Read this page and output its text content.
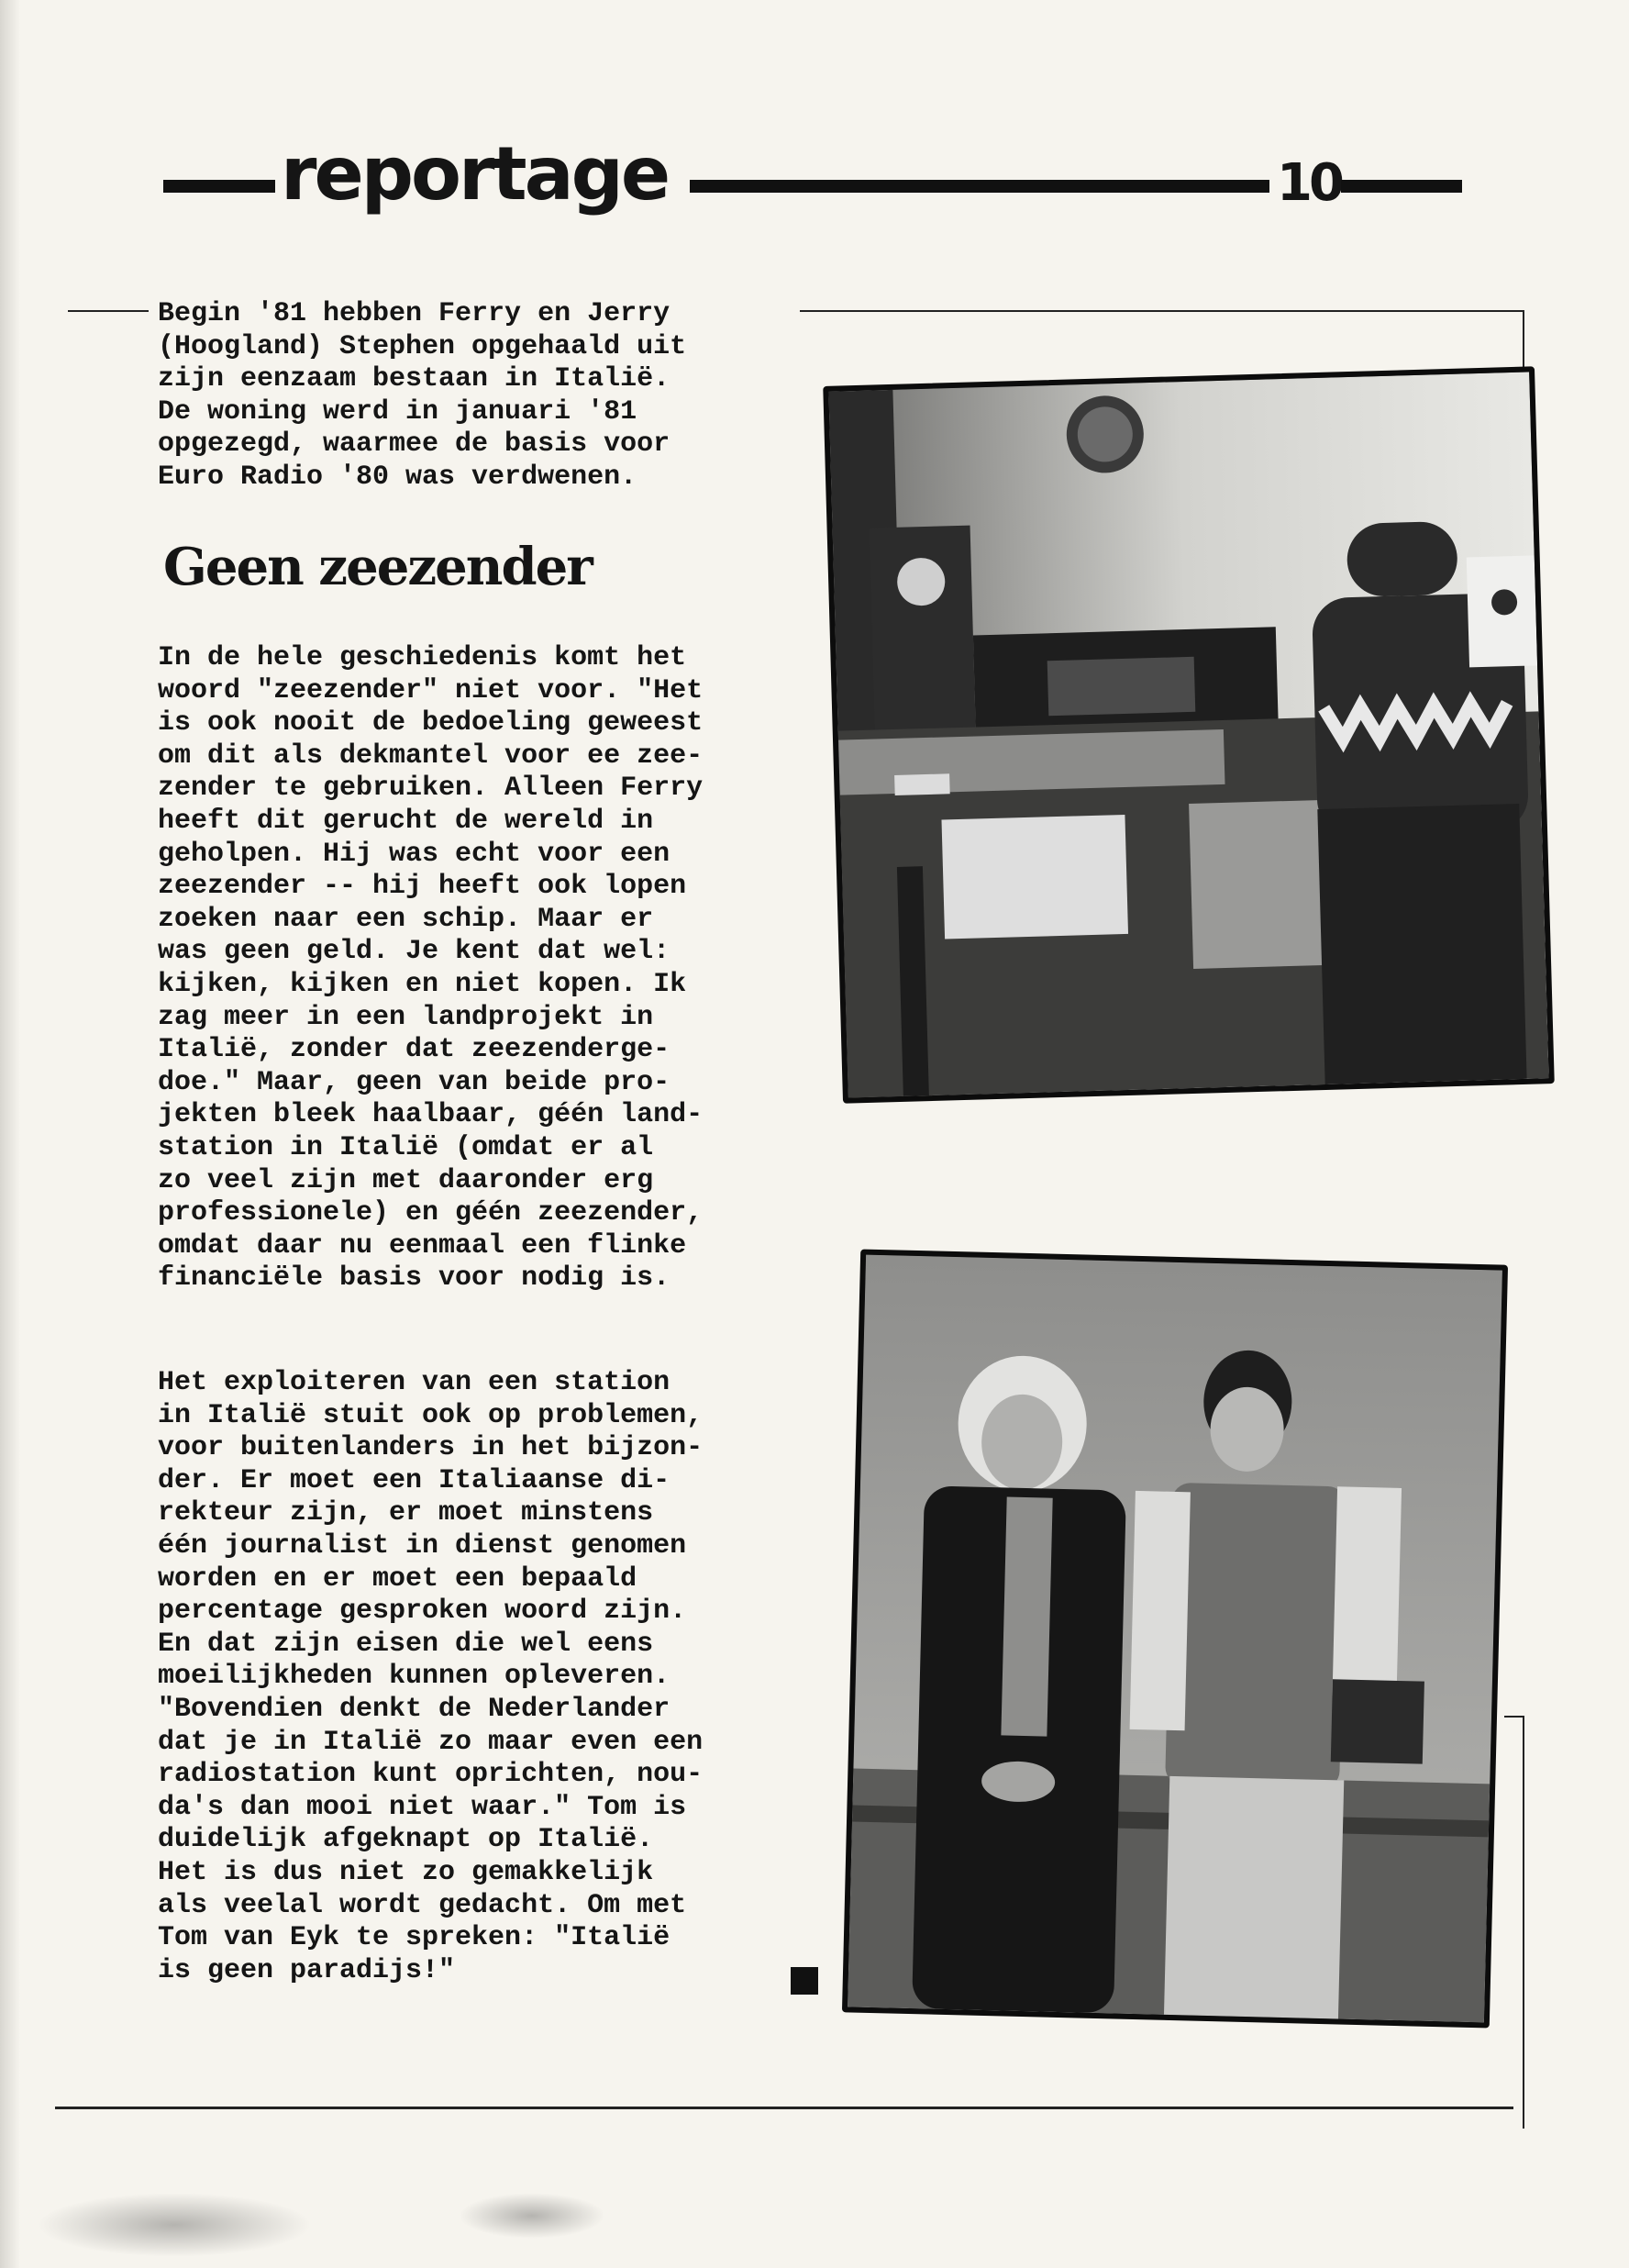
reportage	10
Begin '81 hebben Ferry en Jerry
(Hoogland) Stephen opgehaald uit
zijn eenzaam bestaan in Italië.
De woning werd in januari '81
opgezegd, waarmee de basis voor
Euro Radio '80 was verdwenen.
Geen zeezender
In de hele geschiedenis komt het
woord "zeezender" niet voor. "Het
is ook nooit de bedoeling geweest
om dit als dekmantel voor ee zee-
zender te gebruiken. Alleen Ferry
heeft dit gerucht de wereld in
geholpen. Hij was echt voor een
zeezender -- hij heeft ook lopen
zoeken naar een schip. Maar er
was geen geld. Je kent dat wel:
kijken, kijken en niet kopen. Ik
zag meer in een landprojekt in
Italië, zonder dat zeezenderge-
doe." Maar, geen van beide pro-
jekten bleek haalbaar, géén land-
station in Italië (omdat er al
zo veel zijn met daaronder erg
professionele) en géén zeezender,
omdat daar nu eenmaal een flinke
financiële basis voor nodig is.
Het exploiteren van een station
in Italië stuit ook op problemen,
voor buitenlanders in het bijzon-
der. Er moet een Italiaanse di-
rekteur zijn, er moet minstens
één journalist in dienst genomen
worden en er moet een bepaald
percentage gesproken woord zijn.
En dat zijn eisen die wel eens
moeilijkheden kunnen opleveren.
"Bovendien denkt de Nederlander
dat je in Italië zo maar even een
radiostation kunt oprichten, nou-
da's dan mooi niet waar." Tom is
duidelijk afgeknapt op Italië.
Het is dus niet zo gemakkelijk
als veelal wordt gedacht. Om met
Tom van Eyk te spreken: "Italië
is geen paradijs!"
